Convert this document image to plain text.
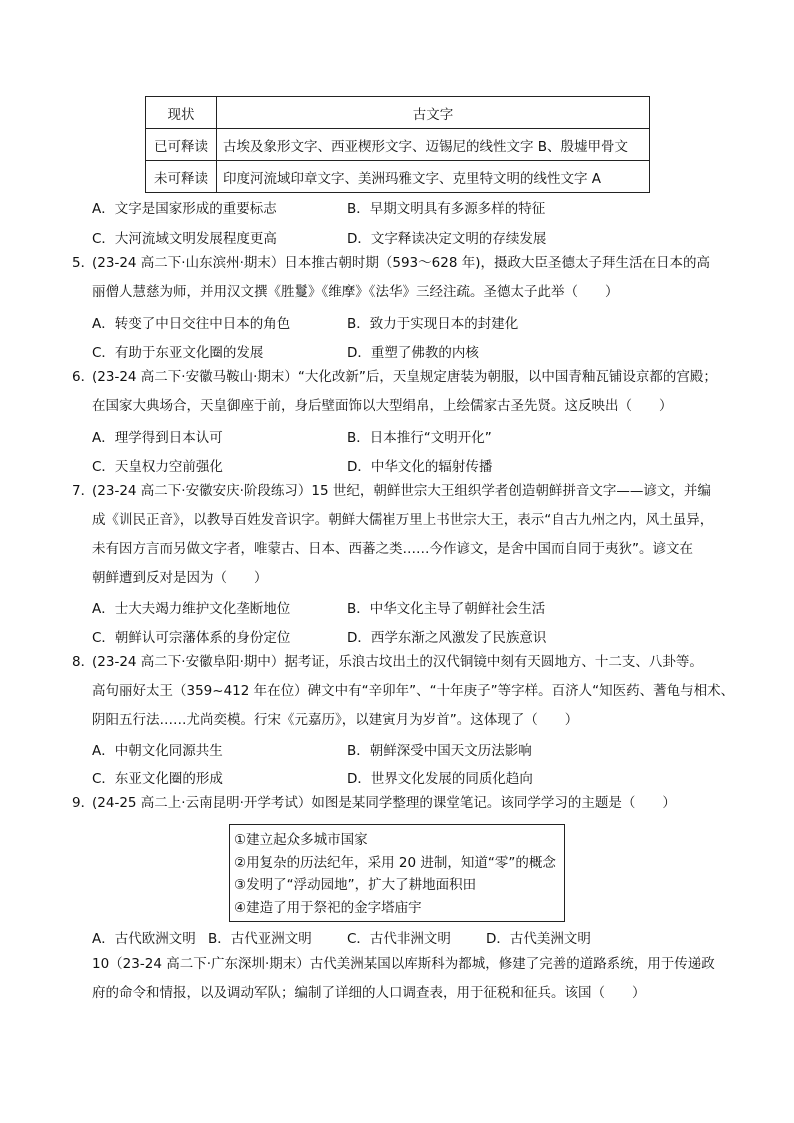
现状	古文字
已可释读	古埃及象形文字、西亚楔形文字、迈锡尼的线性文字 B、殷墟甲骨文
未可释读	印度河流域印章文字、美洲玛雅文字、克里特文明的线性文字 A
A．文字是国家形成的重要标志	B．早期文明具有多源多样的特征
C．大河流域文明发展程度更高	D．文字释读决定文明的存续发展
5．
(23-24 高二下·山东滨州·期末）日本推古朝时期（593～628 年)，摄政大臣圣德太子拜生活在日本的高
丽僧人慧慈为师，并用汉文撰《胜鬘》《维摩》《法华》三经注疏。圣德太子此举（　　）
A．转变了中日交往中日本的角色	B．致力于实现日本的封建化
C．有助于东亚文化圈的发展	D．重塑了佛教的内核
6．
(23-24 高二下·安徽马鞍山·期末）“大化改新”后，天皇规定唐装为朝服，以中国青釉瓦铺设京都的宫殿；
在国家大典场合，天皇御座于前，身后壁面饰以大型绢帛，上绘儒家古圣先贤。这反映出（　　）
A．理学得到日本认可	B．日本推行“文明开化”
C．天皇权力空前强化	D．中华文化的辐射传播
7．
(23-24 高二下·安徽安庆·阶段练习）15 世纪，朝鲜世宗大王组织学者创造朝鲜拼音文字——谚文，并编
成《训民正音》，以教导百姓发音识字。朝鲜大儒崔万里上书世宗大王，表示“自古九州之内，风土虽异，
未有因方言而另做文字者，唯蒙古、日本、西蕃之类……今作谚文，是舍中国而自同于夷狄”。谚文在
朝鲜遭到反对是因为（　　）
A．士大夫竭力维护文化垄断地位	B．中华文化主导了朝鲜社会生活
C．朝鲜认可宗藩体系的身份定位	D．西学东渐之风激发了民族意识
8．
(23-24 高二下·安徽阜阳·期中）据考证，乐浪古坟出土的汉代铜镜中刻有天圆地方、十二支、八卦等。
高句丽好太王（359~412 年在位）碑文中有“辛卯年”、“十年庚子”等字样。百济人“知医药、蓍龟与相术、
阴阳五行法……尤尚奕模。行宋《元嘉历》，以建寅月为岁首”。这体现了（　　）
A．中朝文化同源共生	B．朝鲜深受中国天文历法影响
C．东亚文化圈的形成	D．世界文化发展的同质化趋向
9．
(24-25 高二上·云南昆明·开学考试）如图是某同学整理的课堂笔记。该同学学习的主题是（　　）
①建立起众多城市国家
②用复杂的历法纪年，采用 20 进制，知道“零”的概念
③发明了“浮动园地”，扩大了耕地面积田
④建造了用于祭祀的金字塔庙宇
A．古代欧洲文明 B．古代亚洲文明	C．古代非洲文明	D．古代美洲文明
10（23-24 高二下·广东深圳·期末）古代美洲某国以库斯科为都城，修建了完善的道路系统，用于传递政
府的命令和情报，以及调动军队；编制了详细的人口调查表，用于征税和征兵。该国（　　）
